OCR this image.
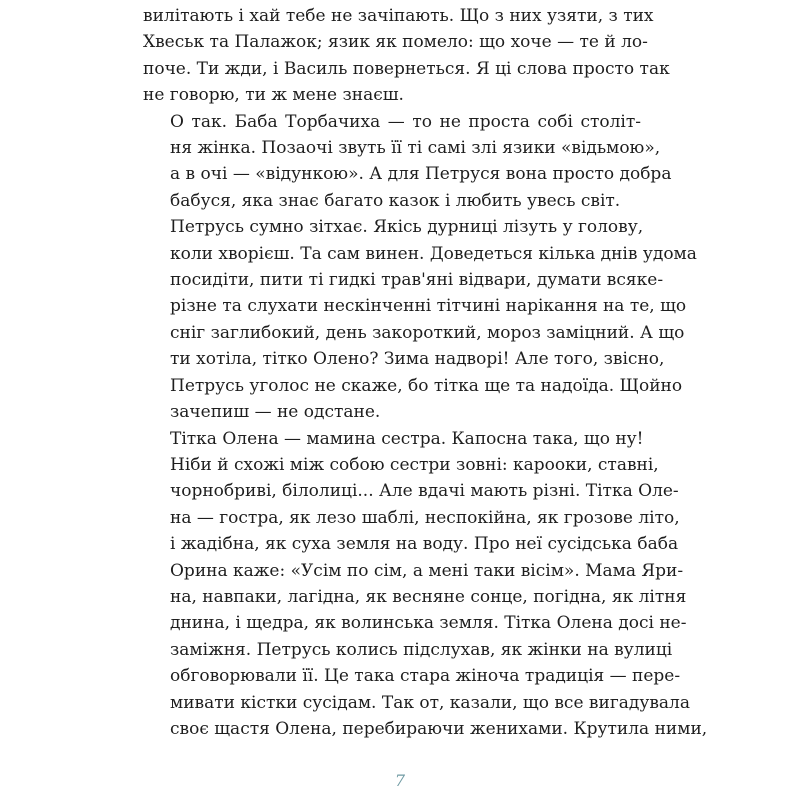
вилітають і хай тебе не зачіпають. Що з них узяти, з тих
Хвеськ та Палажок; язик як помело: що хоче — те й ло-
поче. Ти жди, і Василь повернеться. Я ці слова просто так
не говорю, ти ж мене знаєш.

О так. Баба Торбачиха — то не проста собі століт-
ня жінка. Позаочі звуть її ті самі злі язики «відьмою»,
а в очі — «відункою». А для Петруся вона просто добра
бабуся, яка знає багато казок і любить увесь світ.

Петрусь сумно зітхає. Якісь дурниці лізуть у голову,
коли хворієш. Та сам винен. Доведеться кілька днів удома
посидіти, пити ті гидкі трав'яні відвари, думати всяке-
різне та слухати нескінченні тітчині нарікання на те, що
сніг заглибокий, день закороткий, мороз заміцний. А що
ти хотіла, тітко Олено? Зима надворі! Але того, звісно,
Петрусь уголос не скаже, бо тітка ще та надоїда. Щойно
зачепиш — не одстане.

Тітка Олена — мамина сестра. Капосна така, що ну!
Ніби й схожі між собою сестри зовні: карооки, ставні,
чорнобриві, білолиці... Але вдачі мають різні. Тітка Оле-
на — гостра, як лезо шаблі, неспокійна, як грозове літо,
і жадібна, як суха земля на воду. Про неї сусідська баба
Орина каже: «Усім по сім, а мені таки вісім». Мама Яри-
на, навпаки, лагідна, як весняне сонце, погідна, як літня
днина, і щедра, як волинська земля. Тітка Олена досі не-
заміжня. Петрусь колись підслухав, як жінки на вулиці
обговорювали її. Це така стара жіноча традиція — пере-
мивати кістки сусідам. Так от, казали, що все вигадувала
своє щастя Олена, перебираючи женихами. Крутила ними,

7
